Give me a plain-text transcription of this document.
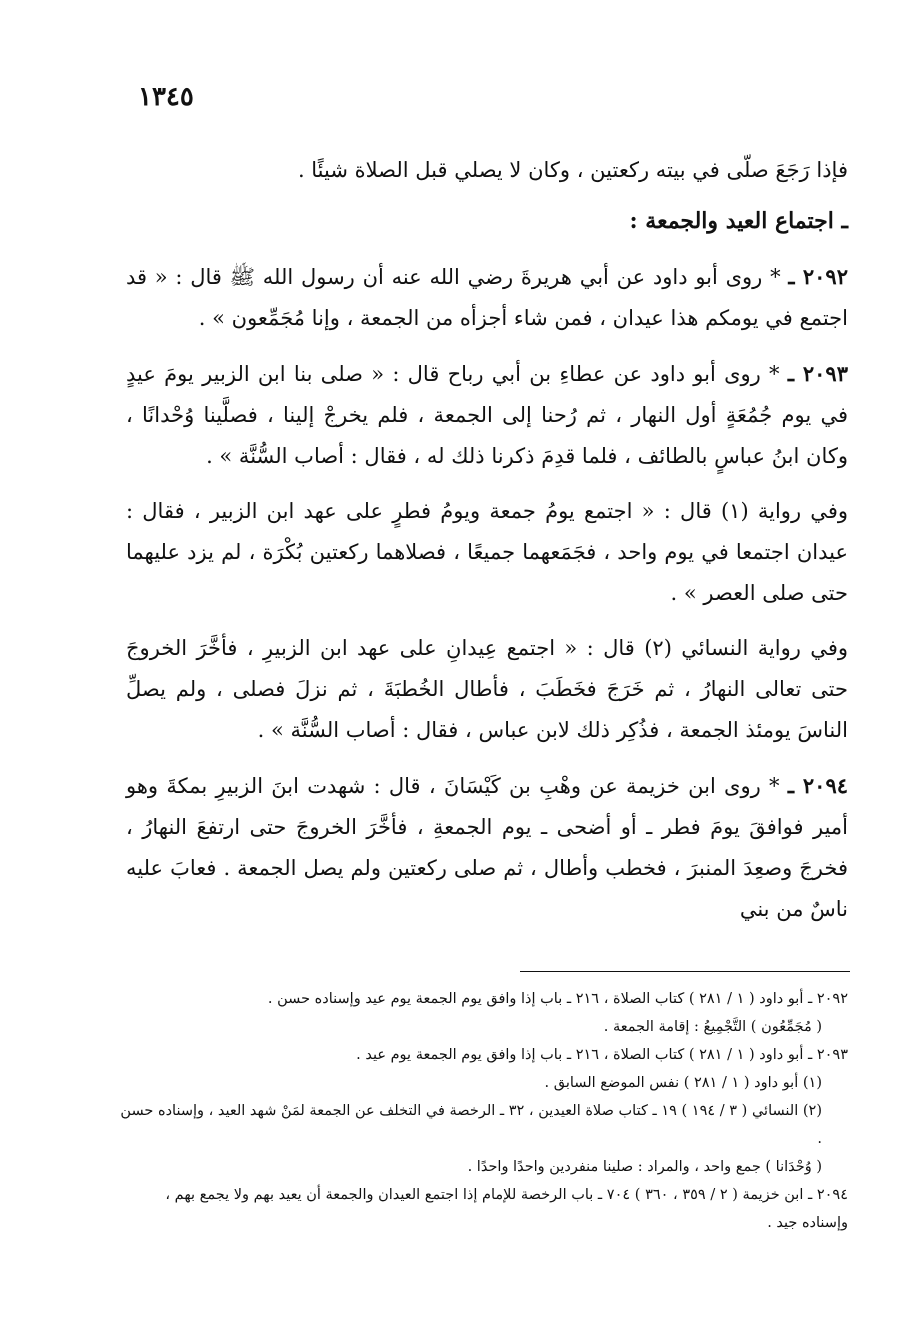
١٣٤٥

فإذا رَجَعَ صلّى في بيته ركعتين ، وكان لا يصلي قبل الصلاة شيئًا .

ـ اجتماع العيد والجمعة :

٢٠٩٢ ـ * روى أبو داود عن أبي هريرةَ رضي الله عنه أن رسول الله ﷺ قال : « قد اجتمع في يومكم هذا عيدان ، فمن شاء أجزأه من الجمعة ، وإنا مُجَمِّعون » .

٢٠٩٣ ـ * روى أبو داود عن عطاءِ بن أبي رباح قال : « صلى بنا ابن الزبير يومَ عيدٍ في يوم جُمُعَةٍ أول النهار ، ثم رُحنا إلى الجمعة ، فلم يخرجْ إلينا ، فصلَّينا وُحْدانًا ، وكان ابنُ عباسٍ بالطائف ، فلما قدِمَ ذكرنا ذلك له ، فقال : أصاب السُّنَّة » .

وفي رواية (١) قال : « اجتمع يومُ جمعة ويومُ فطرٍ على عهد ابن الزبير ، فقال : عيدان اجتمعا في يوم واحد ، فجَمَعهما جميعًا ، فصلاهما ركعتين بُكْرَة ، لم يزد عليهما حتى صلى العصر » .

وفي رواية النسائي (٢) قال : « اجتمع عِيدانِ على عهد ابن الزبيرِ ، فأخَّرَ الخروجَ حتى تعالى النهارُ ، ثم خَرَجَ فخَطَبَ ، فأطال الخُطبَةَ ، ثم نزلَ فصلى ، ولم يصلِّ الناسَ يومئذ الجمعة ، فذُكِر ذلك لابن عباس ، فقال : أصاب السُّنَّة » .

٢٠٩٤ ـ * روى ابن خزيمة عن وهْبِ بن كَيْسَانَ ، قال : شهدت ابنَ الزبيرِ بمكةَ وهو أمير فوافقَ يومَ فطر ـ أو أضحى ـ يوم الجمعةِ ، فأخَّرَ الخروجَ حتى ارتفعَ النهارُ ، فخرجَ وصعِدَ المنبرَ ، فخطب وأطال ، ثم صلى ركعتين ولم يصل الجمعة . فعابَ عليه ناسٌ من بني

٢٠٩٢ ـ أبو داود ( ١ / ٢٨١ ) كتاب الصلاة ، ٢١٦ ـ باب إذا وافق يوم الجمعة يوم عيد وإسناده حسن .
( مُجَمِّعُون ) التَّجْمِيعُ : إقامة الجمعة .
٢٠٩٣ ـ أبو داود ( ١ / ٢٨١ ) كتاب الصلاة ، ٢١٦ ـ باب إذا وافق يوم الجمعة يوم عيد .
(١) أبو داود ( ١ / ٢٨١ ) نفس الموضع السابق .
(٢) النسائي ( ٣ / ١٩٤ ) ١٩ ـ كتاب صلاة العيدين ، ٣٢ ـ الرخصة في التخلف عن الجمعة لمَنْ شهد العيد ، وإسناده حسن .
( وُحْدَانا ) جمع واحد ، والمراد : صلينا منفردين واحدًا واحدًا .
٢٠٩٤ ـ ابن خزيمة ( ٢ / ٣٥٩ ، ٣٦٠ ) ٧٠٤ ـ باب الرخصة للإمام إذا اجتمع العيدان والجمعة أن يعيد بهم ولا يجمع بهم ، وإسناده جيد .
